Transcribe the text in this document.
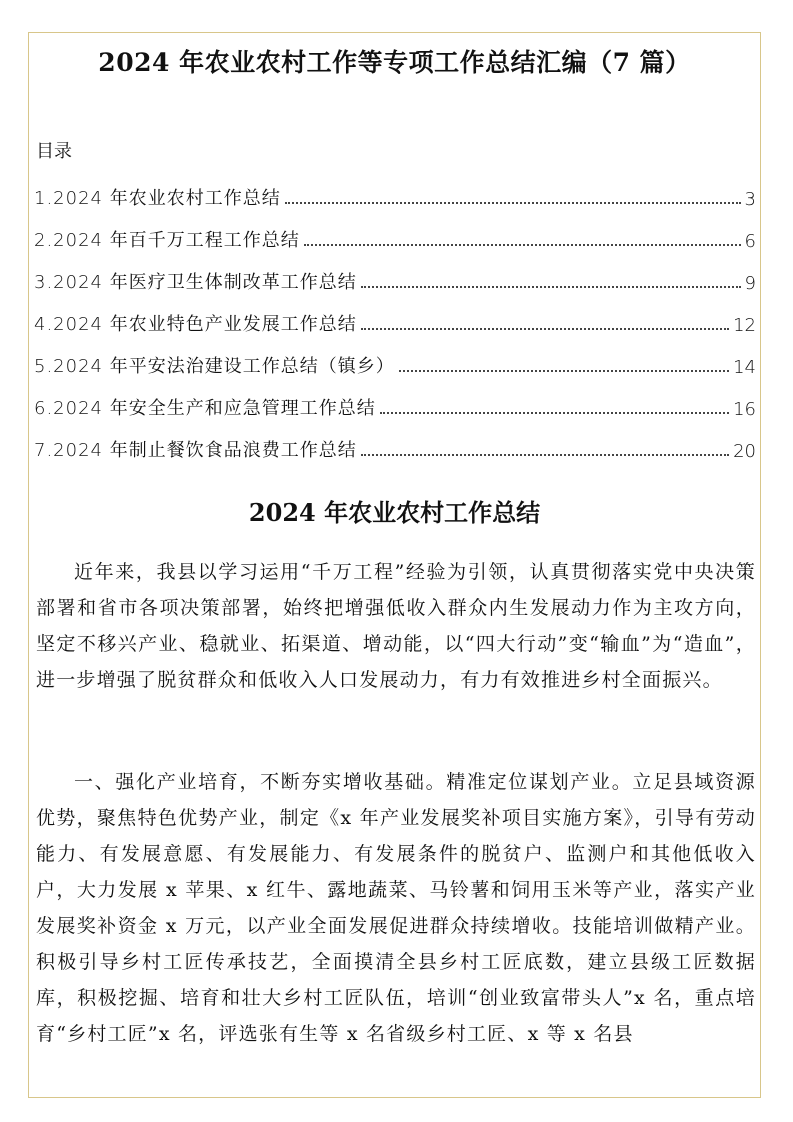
2024 年农业农村工作等专项工作总结汇编（7 篇）
目录
1.2024 年农业农村工作总结	3
2.2024 年百千万工程工作总结	6
3.2024 年医疗卫生体制改革工作总结	9
4.2024 年农业特色产业发展工作总结	12
5.2024 年平安法治建设工作总结（镇乡）	14
6.2024 年安全生产和应急管理工作总结	16
7.2024 年制止餐饮食品浪费工作总结	20
2024 年农业农村工作总结

近年来，我县以学习运用“千万工程”经验为引领，认真贯彻落实党中央决策部署和省市各项决策部署，始终把增强低收入群众内生发展动力作为主攻方向，坚定不移兴产业、稳就业、拓渠道、增动能，以“四大行动”变“输血”为“造血”，进一步增强了脱贫群众和低收入人口发展动力，有力有效推进乡村全面振兴。

一、强化产业培育，不断夯实增收基础。精准定位谋划产业。立足县域资源优势，聚焦特色优势产业，制定《x 年产业发展奖补项目实施方案》，引导有劳动能力、有发展意愿、有发展能力、有发展条件的脱贫户、监测户和其他低收入户，大力发展 x 苹果、x 红牛、露地蔬菜、马铃薯和饲用玉米等产业，落实产业发展奖补资金 x 万元，以产业全面发展促进群众持续增收。技能培训做精产业。积极引导乡村工匠传承技艺，全面摸清全县乡村工匠底数，建立县级工匠数据库，积极挖掘、培育和壮大乡村工匠队伍，培训“创业致富带头人”x 名，重点培育“乡村工匠”x 名，评选张有生等 x 名省级乡村工匠、x 等 x 名县
